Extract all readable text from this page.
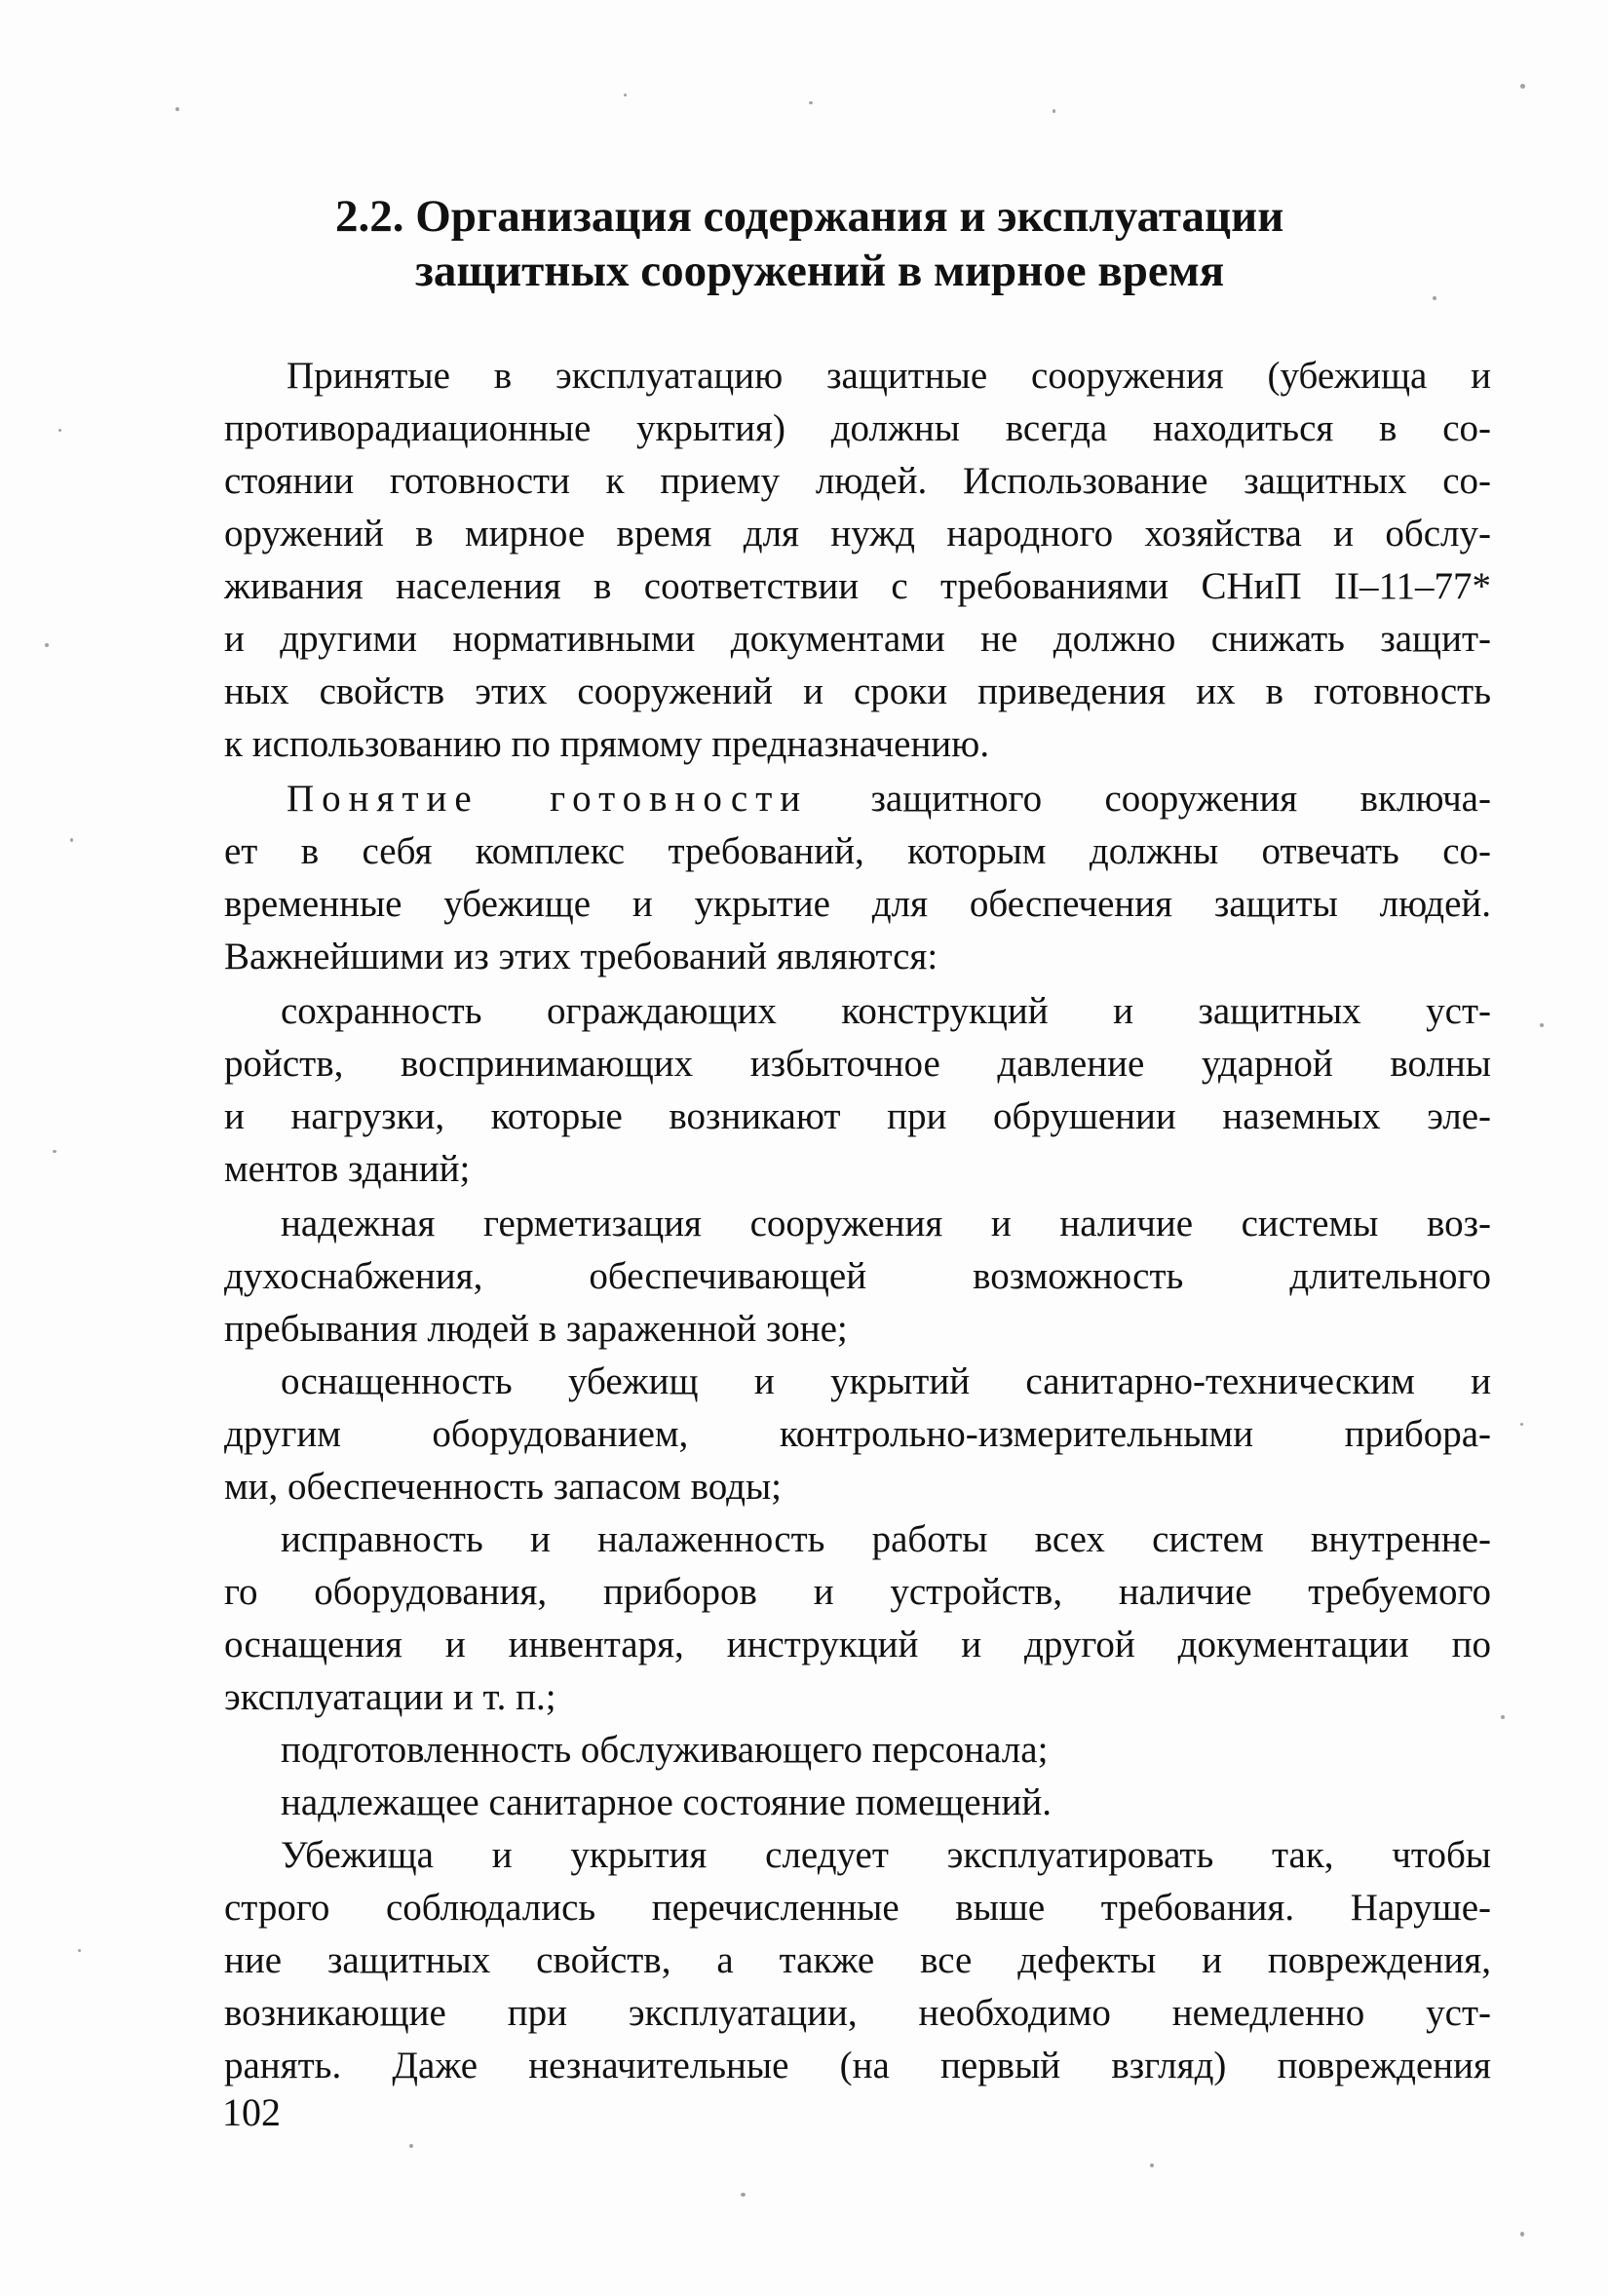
2.2. Организация содержания и эксплуатации
защитных сооружений в мирное время
Принятые в эксплуатацию защитные сооружения (убежища и
противорадиационные укрытия) должны всегда находиться в со-
стоянии готовности к приему людей. Использование защитных со-
оружений в мирное время для нужд народного хозяйства и обслу-
живания населения в соответствии с требованиями СНиП II–11–77*
и другими нормативными документами не должно снижать защит-
ных свойств этих сооружений и сроки приведения их в готовность
к использованию по прямому предназначению.
Понятие готовности защитного сооружения включа-
ет в себя комплекс требований, которым должны отвечать со-
временные убежище и укрытие для обеспечения защиты людей.
Важнейшими из этих требований являются:
сохранность ограждающих конструкций и защитных уст-
ройств, воспринимающих избыточное давление ударной волны
и нагрузки, которые возникают при обрушении наземных эле-
ментов зданий;
надежная герметизация сооружения и наличие системы воз-
духоснабжения, обеспечивающей возможность длительного
пребывания людей в зараженной зоне;
оснащенность убежищ и укрытий санитарно-техническим и
другим оборудованием, контрольно-измерительными прибора-
ми, обеспеченность запасом воды;
исправность и налаженность работы всех систем внутренне-
го оборудования, приборов и устройств, наличие требуемого
оснащения и инвентаря, инструкций и другой документации по
эксплуатации и т. п.;
подготовленность обслуживающего персонала;
надлежащее санитарное состояние помещений.
Убежища и укрытия следует эксплуатировать так, чтобы
строго соблюдались перечисленные выше требования. Наруше-
ние защитных свойств, а также все дефекты и повреждения,
возникающие при эксплуатации, необходимо немедленно уст-
ранять. Даже незначительные (на первый взгляд) повреждения
102
